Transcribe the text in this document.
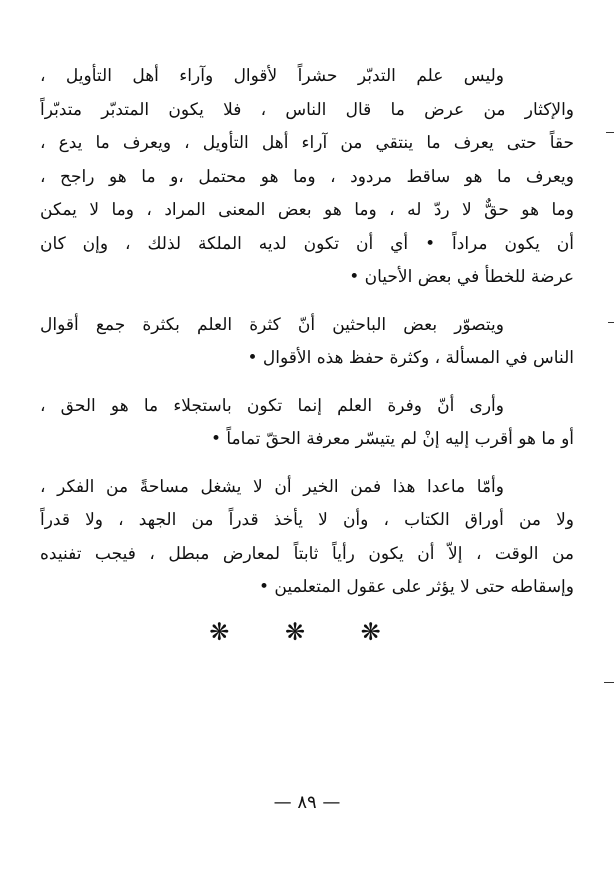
وليس علم التدبّر حشراً لأقوال وآراء أهل التأويل ،
والإكثار من عرض ما قال الناس ، فلا يكون المتدبّر متدبّراً
حقاً حتى يعرف ما ينتقي من آراء أهل التأويل ، ويعرف ما يدع ،
ويعرف ما هو ساقط مردود ، وما هو محتمل ،و ما هو راجح ،
وما هو حقٌّ لا ردّ له ، وما هو بعض المعنى المراد ، وما لا يمكن
أن يكون مراداً • أي أن تكون لديه الملكة لذلك ، وإن كان
عرضة للخطأ في بعض الأحيان •

ويتصوّر بعض الباحثين أنّ كثرة العلم بكثرة جمع أقوال
الناس في المسألة ، وكثرة حفظ هذه الأقوال •

وأرى أنّ وفرة العلم إنما تكون باستجلاء ما هو الحق ،
أو ما هو أقرب إليه إنْ لم يتيسّر معرفة الحقّ تماماً •

وأمّا ماعدا هذا فمن الخير أن لا يشغل مساحةً من الفكر ،
ولا من أوراق الكتاب ، وأن لا يأخذ قدراً من الجهد ، ولا قدراً
من الوقت ، إلاّ أن يكون رأياً ثابتاً لمعارض مبطل ، فيجب تفنيده
وإسقاطه حتى لا يؤثر على عقول المتعلمين •

❋ ❋ ❋
— ٨٩ —
